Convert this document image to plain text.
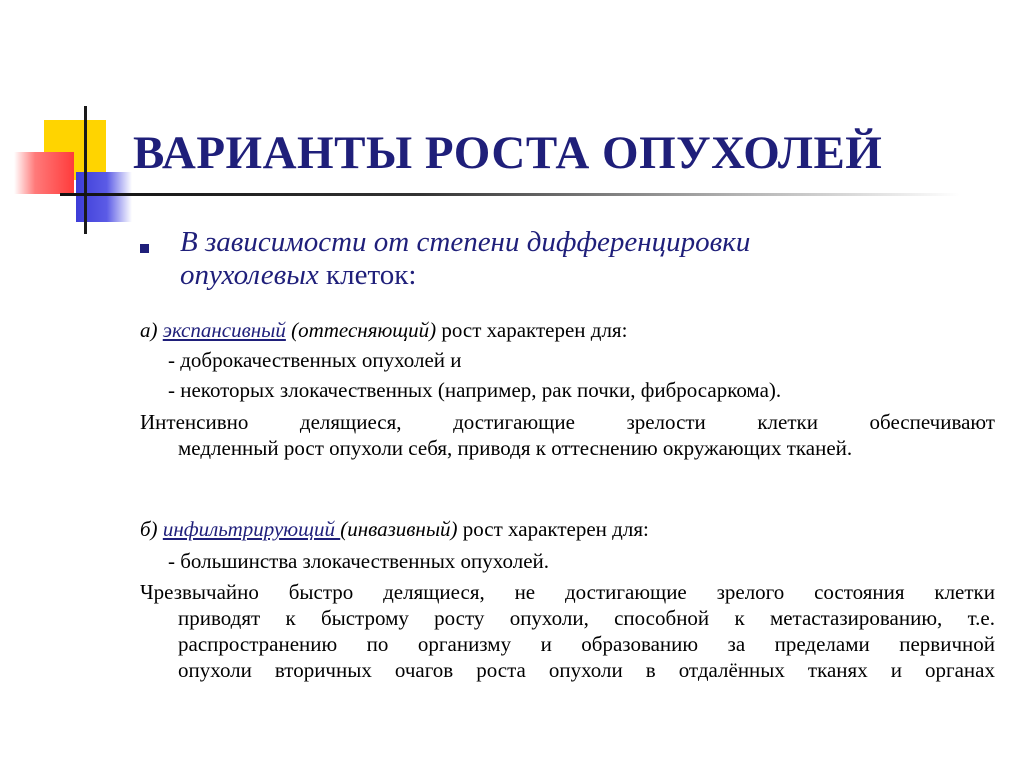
ВАРИАНТЫ РОСТА ОПУХОЛЕЙ
В зависимости от степени дифференцировки
опухолевых клеток:
а) экспансивный (оттесняющий) рост характерен для:
- доброкачественных опухолей и
- некоторых злокачественных (например, рак почки, фибросаркома).
Интенсивно делящиеся, достигающие зрелости клетки обеспечивают
медленный рост опухоли себя, приводя к оттеснению окружающих тканей.
б) инфильтрирующий (инвазивный) рост характерен для:
- большинства злокачественных опухолей.
Чрезвычайно быстро делящиеся, не достигающие зрелого состояния клетки
приводят к быстрому росту опухоли, способной к метастазированию, т.е.
распространению по организму и образованию за пределами первичной
опухоли вторичных очагов роста опухоли в отдалённых тканях и органах
